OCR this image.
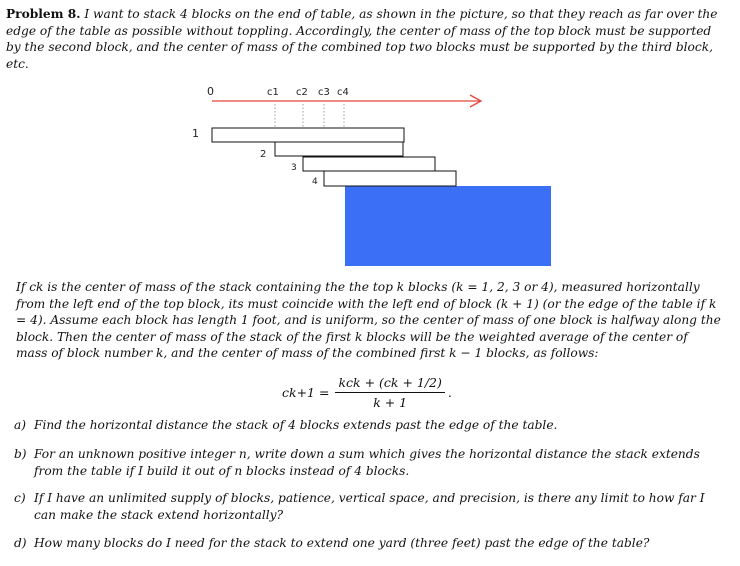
Problem 8. I want to stack 4 blocks on the end of table, as shown in the picture, so that they reach as far over the edge of the table as possible without toppling. Accordingly, the center of mass of the top block must be supported by the second block, and the center of mass of the combined top two blocks must be supported by the third block, etc.
0	c1 c2 c3 c4
1
2
3
4
If ck is the center of mass of the stack containing the the top k blocks (k = 1, 2, 3 or 4), measured horizontally from the left end of the top block, its must coincide with the left end of block (k + 1) (or the edge of the table if k = 4). Assume each block has length 1 foot, and is uniform, so the center of mass of one block is halfway along the block. Then the center of mass of the stack of the first k blocks will be the weighted average of the center of mass of block number k, and the center of mass of the combined first k − 1 blocks, as follows:
$ck+1 = \frac{\text{kck + (ck + 1/2)}}{k + 1}$ .
a) Find the horizontal distance the stack of 4 blocks extends past the edge of the table.
b) For an unknown positive integer n, write down a sum which gives the horizontal distance the stack extends from the table if I build it out of n blocks instead of 4 blocks.
c) If I have an unlimited supply of blocks, patience, vertical space, and precision, is there any limit to how far I can make the stack extend horizontally?
d) How many blocks do I need for the stack to extend one yard (three feet) past the edge of the table?
